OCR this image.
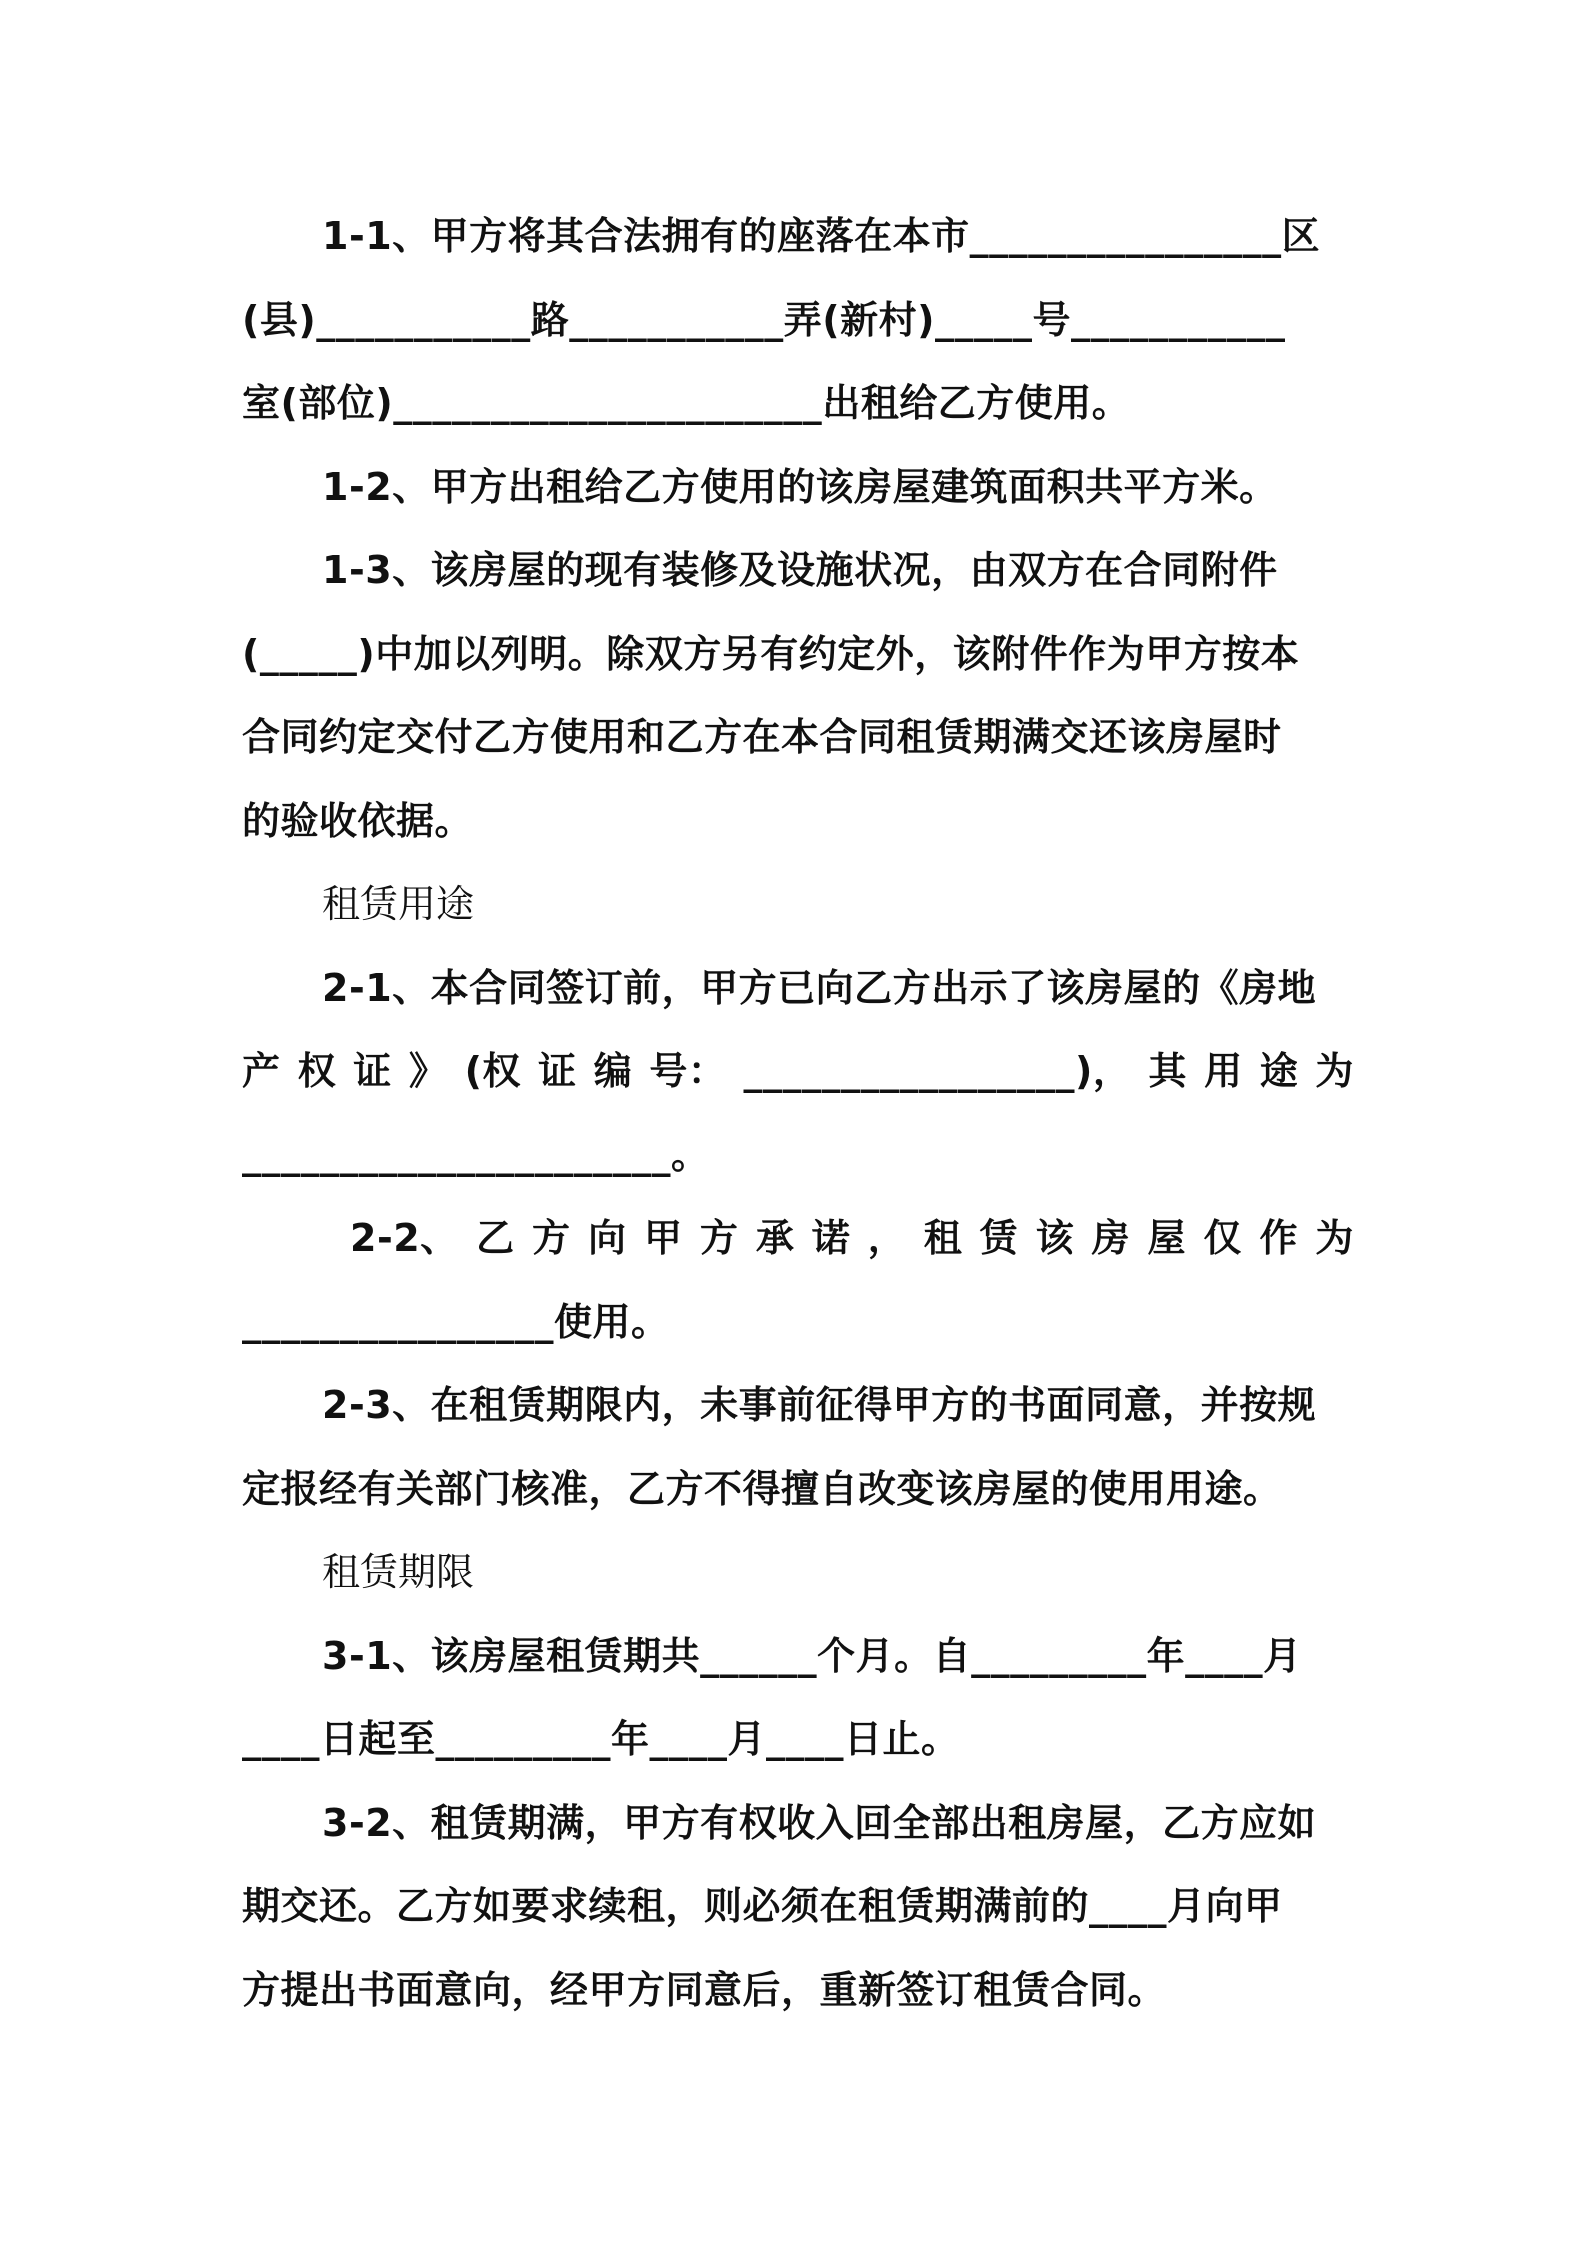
1-1、甲方将其合法拥有的座落在本市________________区

(县)___________路___________弄(新村)_____号___________

室(部位)______________________出租给乙方使用。

1-2、甲方出租给乙方使用的该房屋建筑面积共平方米。

1-3、该房屋的现有装修及设施状况，由双方在合同附件

(_____)中加以列明。除双方另有约定外，该附件作为甲方按本

合同约定交付乙方使用和乙方在本合同租赁期满交还该房屋时

的验收依据。

租赁用途

2-1、本合同签订前，甲方已向乙方出示了该房屋的《房地

产 权 证 》 (权 证 编 号： _________________)， 其 用 途 为

______________________。

2-2、 乙 方 向 甲 方 承 诺 ， 租 赁 该 房 屋 仅 作 为

________________使用。

2-3、在租赁期限内，未事前征得甲方的书面同意，并按规

定报经有关部门核准，乙方不得擅自改变该房屋的使用用途。

租赁期限

3-1、该房屋租赁期共______个月。自_________年____月

____日起至_________年____月____日止。

3-2、租赁期满，甲方有权收入回全部出租房屋，乙方应如

期交还。乙方如要求续租，则必须在租赁期满前的____月向甲

方提出书面意向，经甲方同意后，重新签订租赁合同。
